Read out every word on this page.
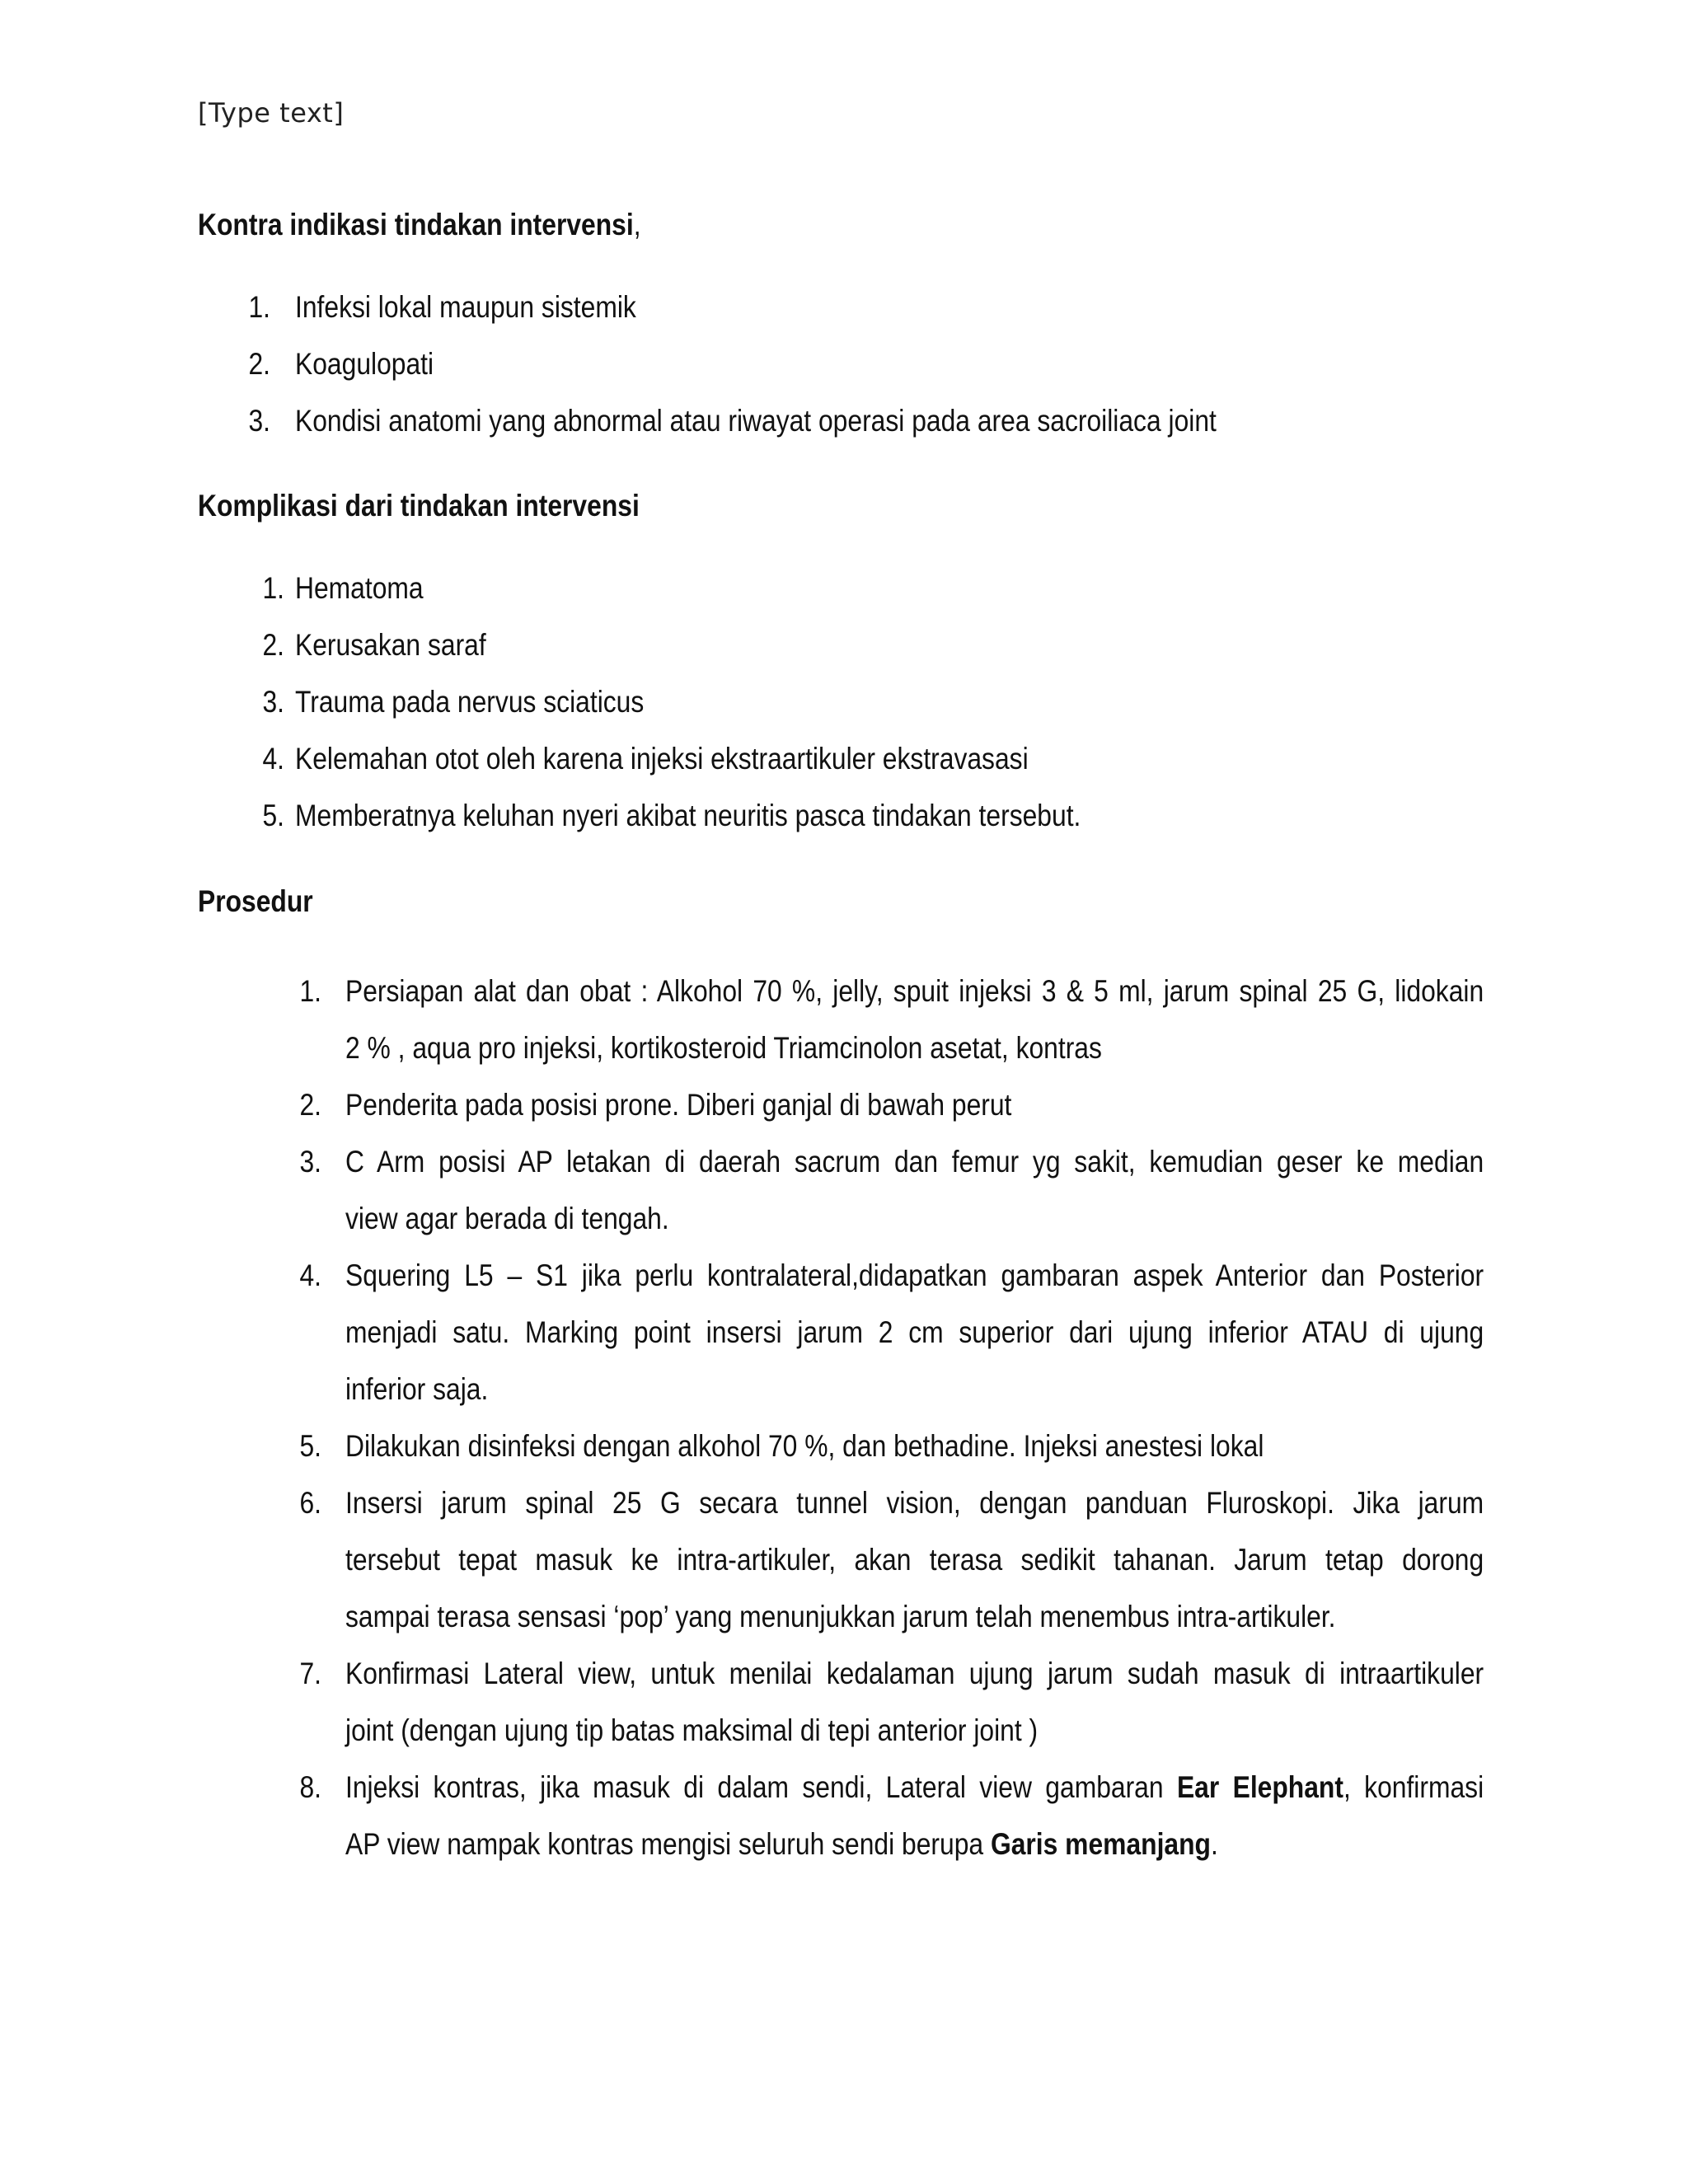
[Type text]
Kontra indikasi tindakan intervensi,
1. Infeksi lokal maupun sistemik
2. Koagulopati
3. Kondisi anatomi yang abnormal atau riwayat operasi pada area sacroiliaca joint
Komplikasi dari tindakan intervensi
1. Hematoma
2. Kerusakan saraf
3. Trauma pada nervus sciaticus
4. Kelemahan otot oleh karena injeksi ekstraartikuler ekstravasasi
5. Memberatnya keluhan nyeri akibat neuritis pasca tindakan tersebut.
Prosedur
1. Persiapan alat dan obat : Alkohol 70 %, jelly, spuit injeksi 3 & 5 ml, jarum spinal 25 G, lidokain
2 % , aqua pro injeksi, kortikosteroid Triamcinolon asetat, kontras
2. Penderita pada posisi prone. Diberi ganjal di bawah perut
3. C Arm posisi AP letakan di daerah sacrum dan femur yg sakit, kemudian geser ke median
view agar berada di tengah.
4. Squering L5 – S1 jika perlu kontralateral,didapatkan gambaran aspek Anterior dan Posterior
menjadi satu. Marking point insersi jarum 2 cm superior dari ujung inferior ATAU di ujung
inferior saja.
5. Dilakukan disinfeksi dengan alkohol 70 %, dan bethadine. Injeksi anestesi lokal
6. Insersi jarum spinal 25 G secara tunnel vision, dengan panduan Fluroskopi. Jika jarum
tersebut tepat masuk ke intra-artikuler, akan terasa sedikit tahanan. Jarum tetap dorong
sampai terasa sensasi ‘pop’ yang menunjukkan jarum telah menembus intra-artikuler.
7. Konfirmasi Lateral view, untuk menilai kedalaman ujung jarum sudah masuk di intraartikuler
joint (dengan ujung tip batas maksimal di tepi anterior joint )
8. Injeksi kontras, jika masuk di dalam sendi, Lateral view gambaran Ear Elephant, konfirmasi
AP view nampak kontras mengisi seluruh sendi berupa Garis memanjang.
